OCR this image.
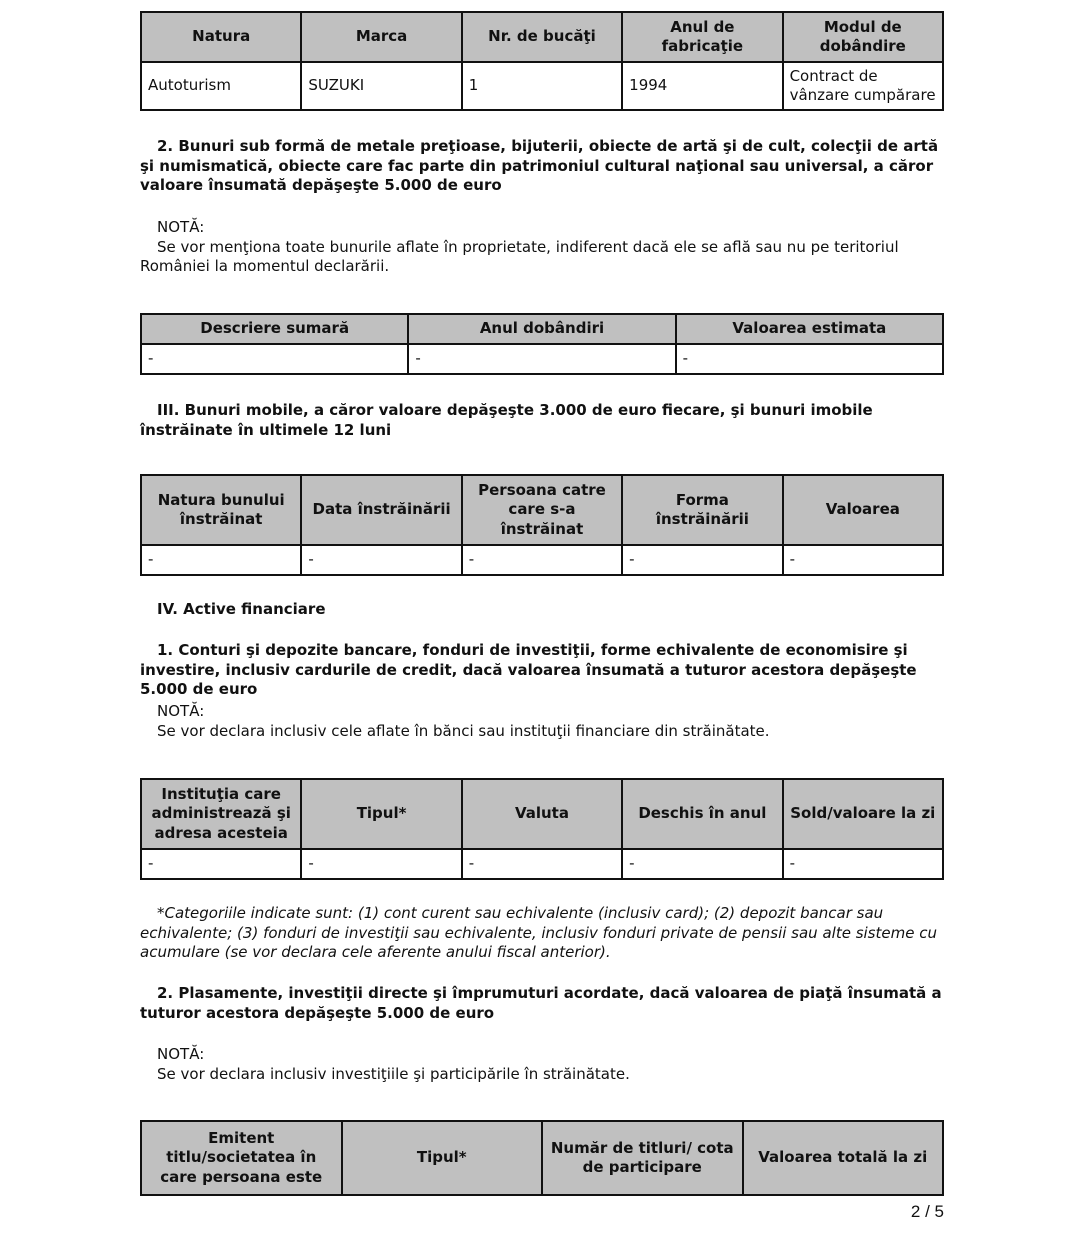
Natura	Marca	Nr. de bucăţi	Anul de fabricaţie	Modul de dobândire
Autoturism	SUZUKI	1	1994	Contract de vânzare cumpărare
2. Bunuri sub formă de metale preţioase, bijuterii, obiecte de artă şi de cult, colecţii de artă şi numismatică, obiecte care fac parte din patrimoniul cultural naţional sau universal, a căror valoare însumată depăşeşte 5.000 de euro
NOTĂ:
Se vor menţiona toate bunurile aflate în proprietate, indiferent dacă ele se află sau nu pe teritoriul României la momentul declarării.
Descriere sumară	Anul dobândiri	Valoarea estimata
-	-	-
III. Bunuri mobile, a căror valoare depăşeşte 3.000 de euro fiecare, şi bunuri imobile înstrăinate în ultimele 12 luni
Natura bunului înstrăinat	Data înstrăinării	Persoana catre care s-a înstrăinat	Forma înstrăinării	Valoarea
-	-	-	-	-
IV. Active financiare
1. Conturi şi depozite bancare, fonduri de investiţii, forme echivalente de economisire şi investire, inclusiv cardurile de credit, dacă valoarea însumată a tuturor acestora depăşeşte 5.000 de euro
NOTĂ:
Se vor declara inclusiv cele aflate în bănci sau instituţii financiare din străinătate.
Instituţia care administrează şi adresa acesteia	Tipul*	Valuta	Deschis în anul	Sold/valoare la zi
-	-	-	-	-
*Categoriile indicate sunt: (1) cont curent sau echivalente (inclusiv card); (2) depozit bancar sau echivalente; (3) fonduri de investiţii sau echivalente, inclusiv fonduri private de pensii sau alte sisteme cu acumulare (se vor declara cele aferente anului fiscal anterior).
2. Plasamente, investiţii directe şi împrumuturi acordate, dacă valoarea de piaţă însumată a tuturor acestora depăşeşte 5.000 de euro
NOTĂ:
Se vor declara inclusiv investiţiile şi participările în străinătate.
Emitent titlu/societatea în care persoana este	Tipul*	Număr de titluri/ cota de participare	Valoarea totală la zi
2 / 5
